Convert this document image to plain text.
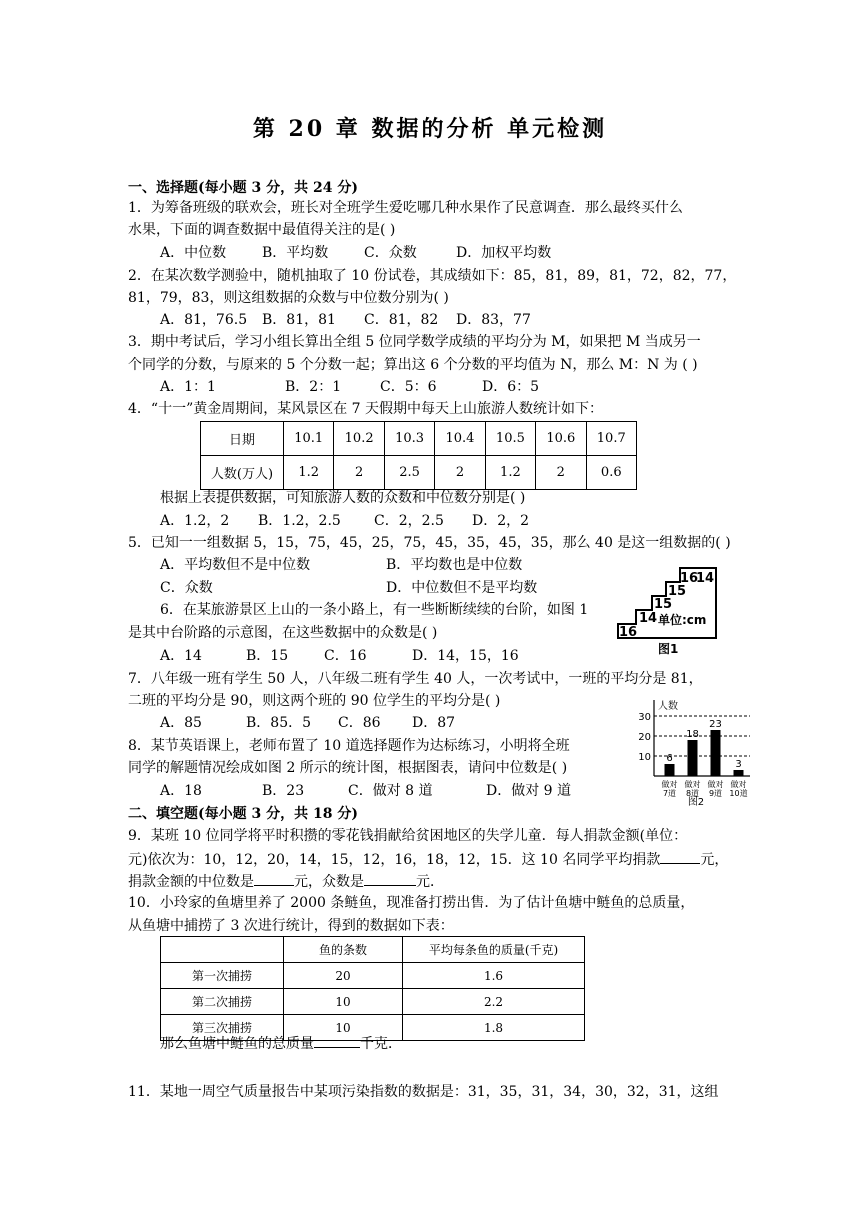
第 20 章 数据的分析 单元检测
一、选择题(每小题 3 分，共 24 分)
1．为筹备班级的联欢会，班长对全班学生爱吃哪几种水果作了民意调查．那么最终买什么
水果，下面的调查数据中最值得关注的是( )
A．中位数	B．平均数	C．众数	D．加权平均数
2．在某次数学测验中，随机抽取了 10 份试卷，其成绩如下：85，81，89，81，72，82，77，
81，79，83，则这组数据的众数与中位数分别为( )
A．81，76.5 B．81，81 C．81，82 D．83，77
3．期中考试后，学习小组长算出全组 5 位同学数学成绩的平均分为 M，如果把 M 当成另一
个同学的分数，与原来的 5 个分数一起；算出这 6 个分数的平均值为 N，那么 M：N 为 ( )
A．1：1	B．2：1	C．5：6	D．6：5
4．“十一”黄金周期间，某风景区在 7 天假期中每天上山旅游人数统计如下：
日期	10.1	10.2	10.3	10.4	10.5	10.6	10.7
人数(万人)	1.2	2	2.5	2	1.2	2	0.6
根据上表提供数据，可知旅游人数的众数和中位数分别是( )
A．1.2，2 B．1.2，2.5 C．2，2.5 D．2，2
5．已知一一组数据 5，15，75，45，25，75，45，35，45，35，那么 40 是这一组数据的( )
A．平均数但不是中位数	B．平均数也是中位数
C．众数	D．中位数但不是平均数
6．在某旅游景区上山的一条小路上，有一些断断续续的台阶，如图 1
是其中台阶路的示意图，在这些数据中的众数是( )
A．14	B．15	C．16	D．14，15，16
16
14
15
15
16
14
单位:cm
图1
7．八年级一班有学生 50 人，八年级二班有学生 40 人，一次考试中，一班的平均分是 81，
二班的平均分是 90，则这两个班的 90 位学生的平均分是( )
A．85	B．85．5 C．86 D．87	30
20
10
人数
6
做对
7道
18
做对
8道
23
做对
9道
3
做对
10道
图2
8．某节英语课上，老师布置了 10 道选择题作为达标练习，小明将全班
同学的解题情况绘成如图 2 所示的统计图，根据图表，请问中位数是( )
A．18	B．23	C．做对 8 道	D．做对 9 道
二、填空题(每小题 3 分，共 18 分)
9．某班 10 位同学将平时积攒的零花钱捐献给贫困地区的失学儿童．每人捐款金额(单位：
元)依次为：10，12，20，14，15，12，16，18，12，15．这 10 名同学平均捐款	元，
捐款金额的中位数是	元，众数是	元．
10．小玲家的鱼塘里养了 2000 条鲢鱼，现准备打捞出售．为了估计鱼塘中鲢鱼的总质量，
从鱼塘中捕捞了 3 次进行统计，得到的数据如下表：
	鱼的条数	平均每条鱼的质量(千克)
第一次捕捞	20	1.6
第二次捕捞	10	2.2
第三次捕捞	10	1.8
那么鱼塘中鲢鱼的总质量	千克．
11．某地一周空气质量报告中某项污染指数的数据是：31，35，31，34，30，32，31，这组
